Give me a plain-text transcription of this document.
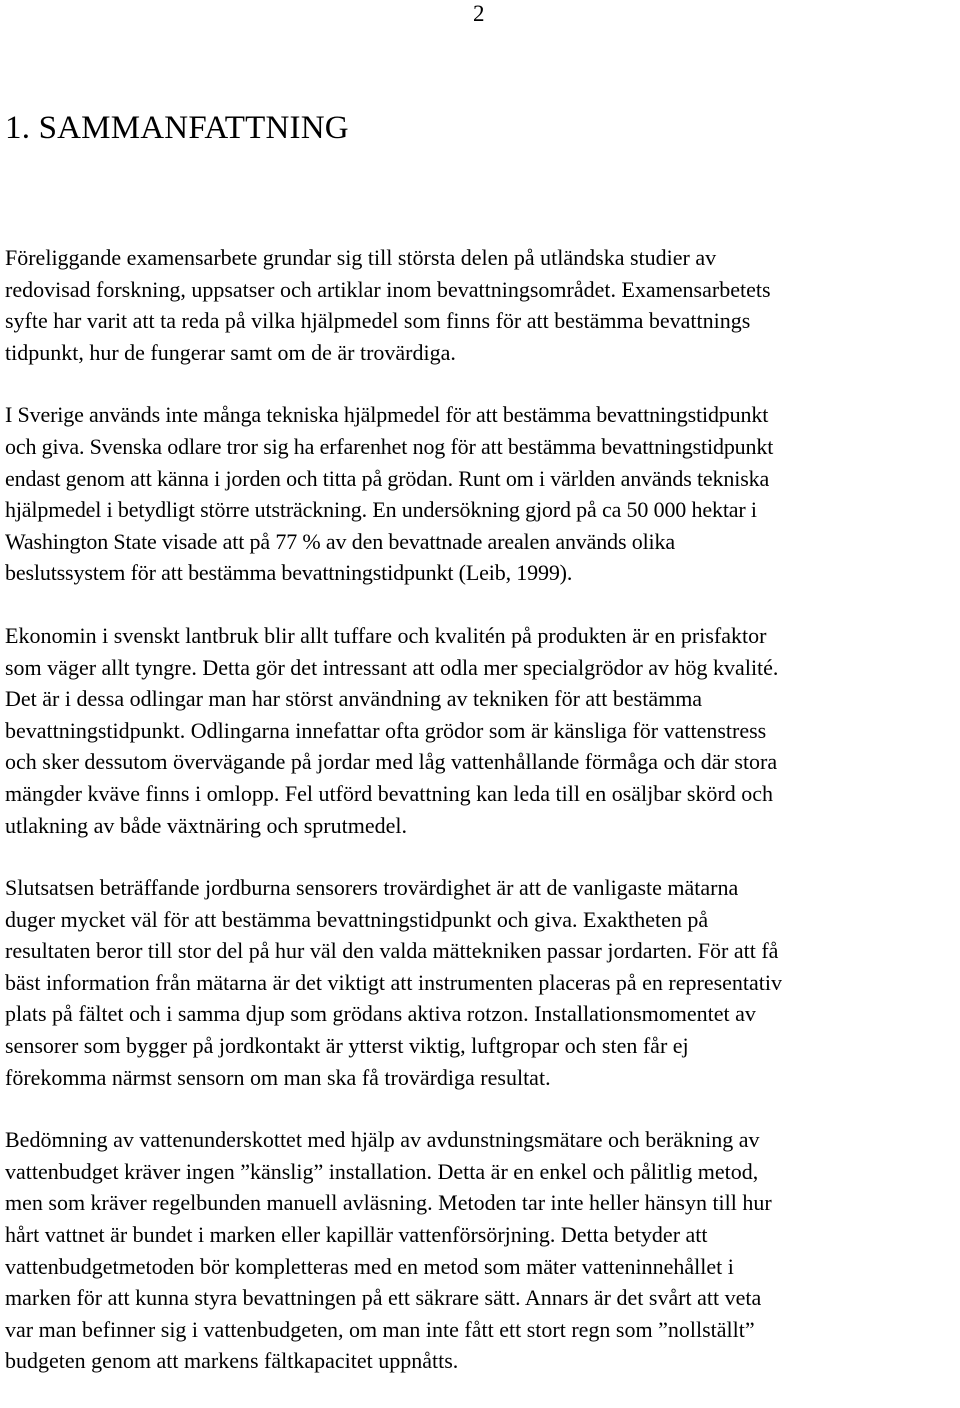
2
1. SAMMANFATTNING

Föreliggande examensarbete grundar sig till största delen på utländska studier av
redovisad forskning, uppsatser och artiklar inom bevattningsområdet. Examensarbetets
syfte har varit att ta reda på vilka hjälpmedel som finns för att bestämma bevattnings
tidpunkt, hur de fungerar samt om de är trovärdiga.

I Sverige används inte många tekniska hjälpmedel för att bestämma bevattningstidpunkt
och giva. Svenska odlare tror sig ha erfarenhet nog för att bestämma bevattningstidpunkt
endast genom att känna i jorden och titta på grödan. Runt om i världen används tekniska
hjälpmedel i betydligt större utsträckning. En undersökning gjord på ca 50 000 hektar i
Washington State visade att på 77 % av den bevattnade arealen används olika
beslutssystem för att bestämma bevattningstidpunkt (Leib, 1999).

Ekonomin i svenskt lantbruk blir allt tuffare och kvalitén på produkten är en prisfaktor
som väger allt tyngre. Detta gör det intressant att odla mer specialgrödor av hög kvalité.
Det är i dessa odlingar man har störst användning av tekniken för att bestämma
bevattningstidpunkt. Odlingarna innefattar ofta grödor som är känsliga för vattenstress
och sker dessutom övervägande på jordar med låg vattenhållande förmåga och där stora
mängder kväve finns i omlopp. Fel utförd bevattning kan leda till en osäljbar skörd och
utlakning av både växtnäring och sprutmedel.

Slutsatsen beträffande jordburna sensorers trovärdighet är att de vanligaste mätarna
duger mycket väl för att bestämma bevattningstidpunkt och giva. Exaktheten på
resultaten beror till stor del på hur väl den valda mättekniken passar jordarten. För att få
bäst information från mätarna är det viktigt att instrumenten placeras på en representativ
plats på fältet och i samma djup som grödans aktiva rotzon. Installationsmomentet av
sensorer som bygger på jordkontakt är ytterst viktig, luftgropar och sten får ej
förekomma närmst sensorn om man ska få trovärdiga resultat.

Bedömning av vattenunderskottet med hjälp av avdunstningsmätare och beräkning av
vattenbudget kräver ingen ”känslig” installation. Detta är en enkel och pålitlig metod,
men som kräver regelbunden manuell avläsning. Metoden tar inte heller hänsyn till hur
hårt vattnet är bundet i marken eller kapillär vattenförsörjning. Detta betyder att
vattenbudgetmetoden bör kompletteras med en metod som mäter vatteninnehållet i
marken för att kunna styra bevattningen på ett säkrare sätt. Annars är det svårt att veta
var man befinner sig i vattenbudgeten, om man inte fått ett stort regn som ”nollställt”
budgeten genom att markens fältkapacitet uppnåtts.
